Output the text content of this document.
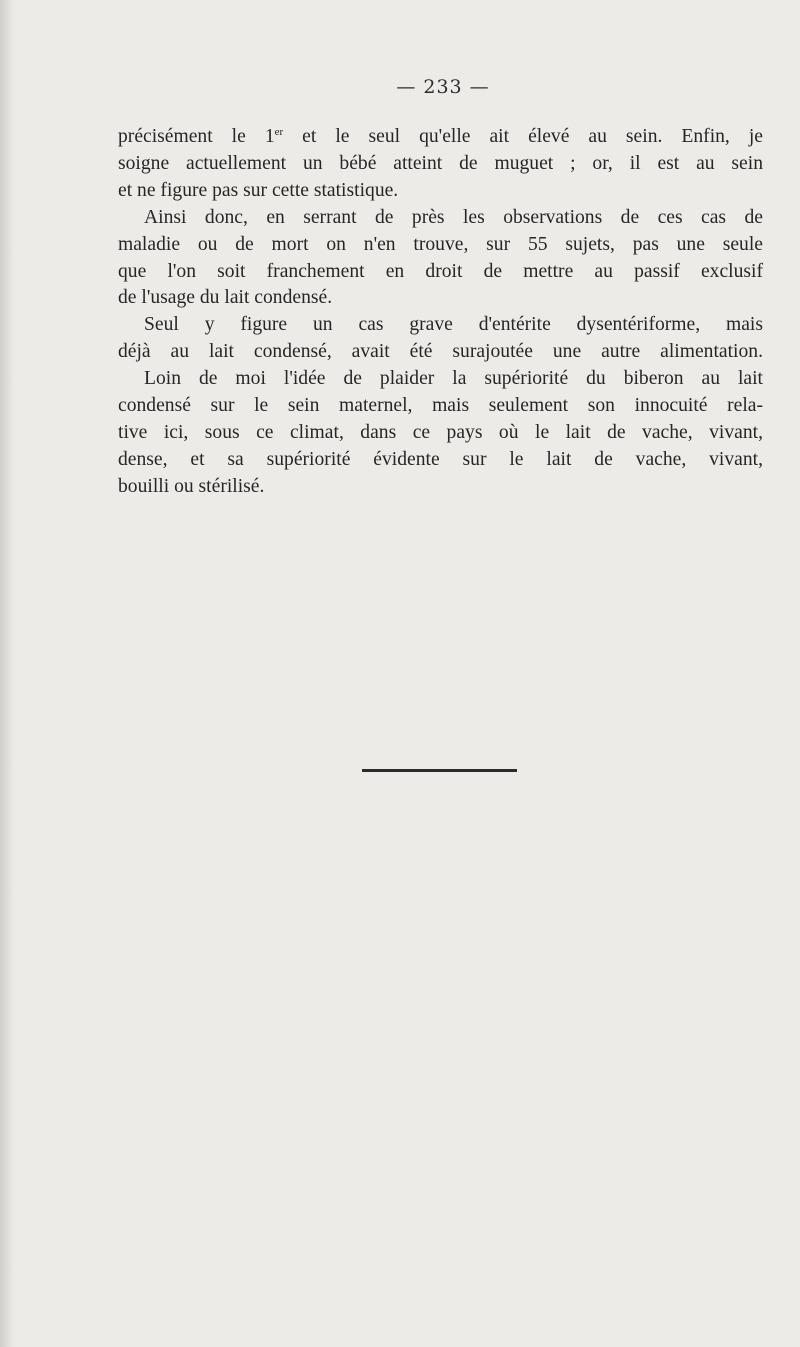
— 233 —
précisément le 1er et le seul qu'elle ait élevé au sein. Enfin, je
soigne actuellement un bébé atteint de muguet ; or, il est au sein
et ne figure pas sur cette statistique.
Ainsi donc, en serrant de près les observations de ces cas de
maladie ou de mort on n'en trouve, sur 55 sujets, pas une seule
que l'on soit franchement en droit de mettre au passif exclusif
de l'usage du lait condensé.
Seul y figure un cas grave d'entérite dysentériforme, mais
déjà au lait condensé, avait été surajoutée une autre alimentation.
Loin de moi l'idée de plaider la supériorité du biberon au lait
condensé sur le sein maternel, mais seulement son innocuité rela-
tive ici, sous ce climat, dans ce pays où le lait de vache, vivant,
dense, et sa supériorité évidente sur le lait de vache, vivant,
bouilli ou stérilisé.
